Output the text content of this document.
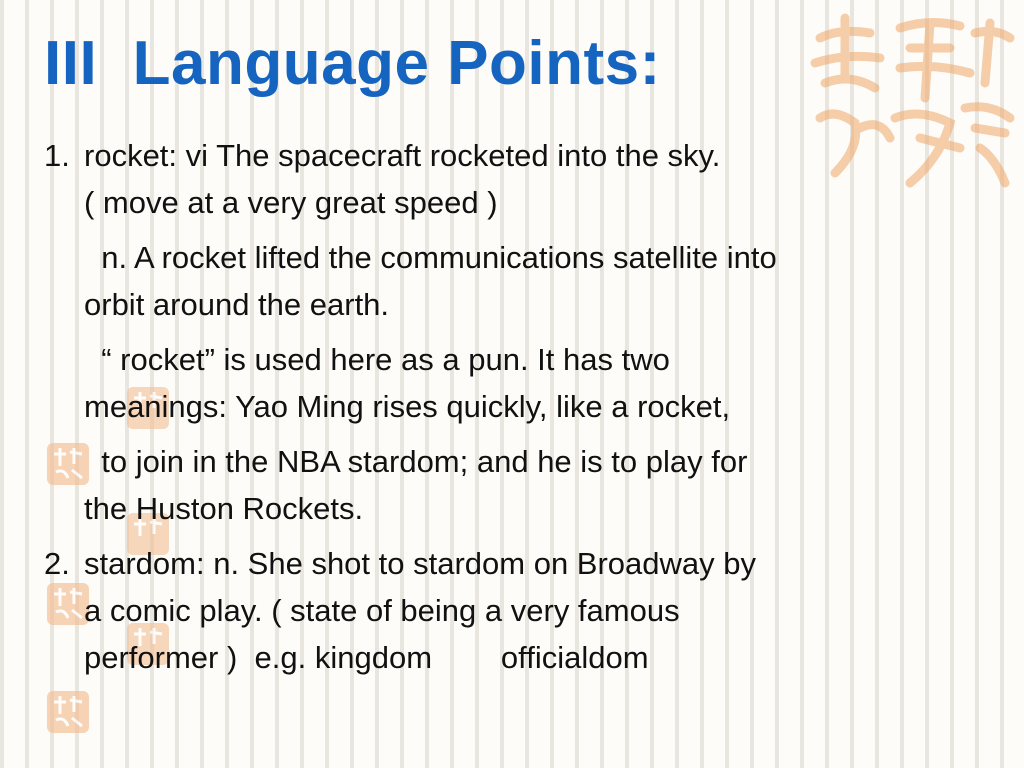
III  Language Points:
1. rocket: vi The spacecraft rocketed into the sky.
( move at a very great speed )
n. A rocket lifted the communications satellite into
orbit around the earth.
“ rocket” is used here as a pun. It has two
meanings: Yao Ming rises quickly, like a rocket,
to join in the NBA stardom; and he is to play for
the Huston Rockets.
2. stardom: n. She shot to stardom on Broadway by
a comic play. ( state of being a very famous
performer )  e.g. kingdom        officialdom
